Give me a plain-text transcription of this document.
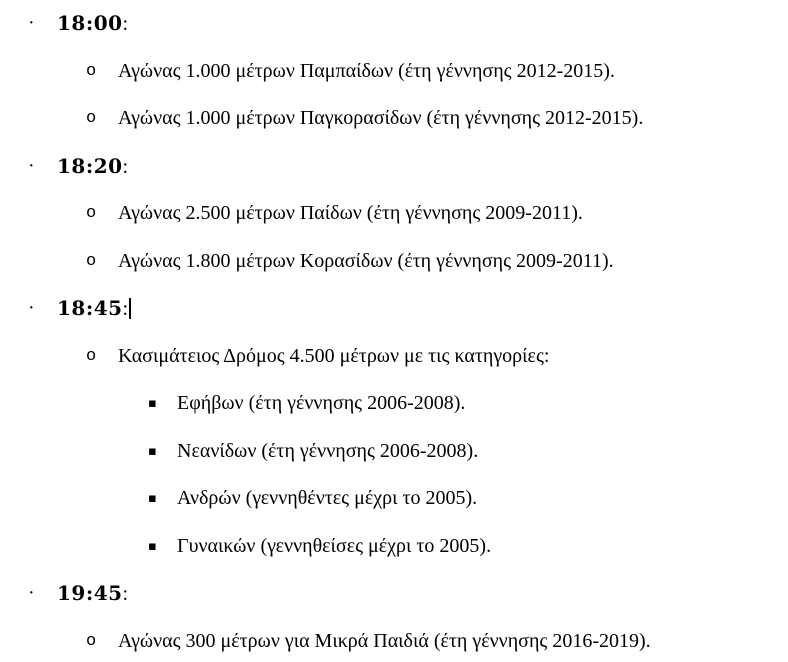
· 18:00:
o Αγώνας 1.000 μέτρων Παμπαίδων (έτη γέννησης 2012-2015).
o Αγώνας 1.000 μέτρων Παγκορασίδων (έτη γέννησης 2012-2015).
· 18:20:
o Αγώνας 2.500 μέτρων Παίδων (έτη γέννησης 2009-2011).
o Αγώνας 1.800 μέτρων Κορασίδων (έτη γέννησης 2009-2011).
· 18:45:
o Κασιμάτειος Δρόμος 4.500 μέτρων με τις κατηγορίες:
▪ Εφήβων (έτη γέννησης 2006-2008).
▪ Νεανίδων (έτη γέννησης 2006-2008).
▪ Ανδρών (γεννηθέντες μέχρι το 2005).
▪ Γυναικών (γεννηθείσες μέχρι το 2005).
· 19:45:
o Αγώνας 300 μέτρων για Μικρά Παιδιά (έτη γέννησης 2016-2019).
